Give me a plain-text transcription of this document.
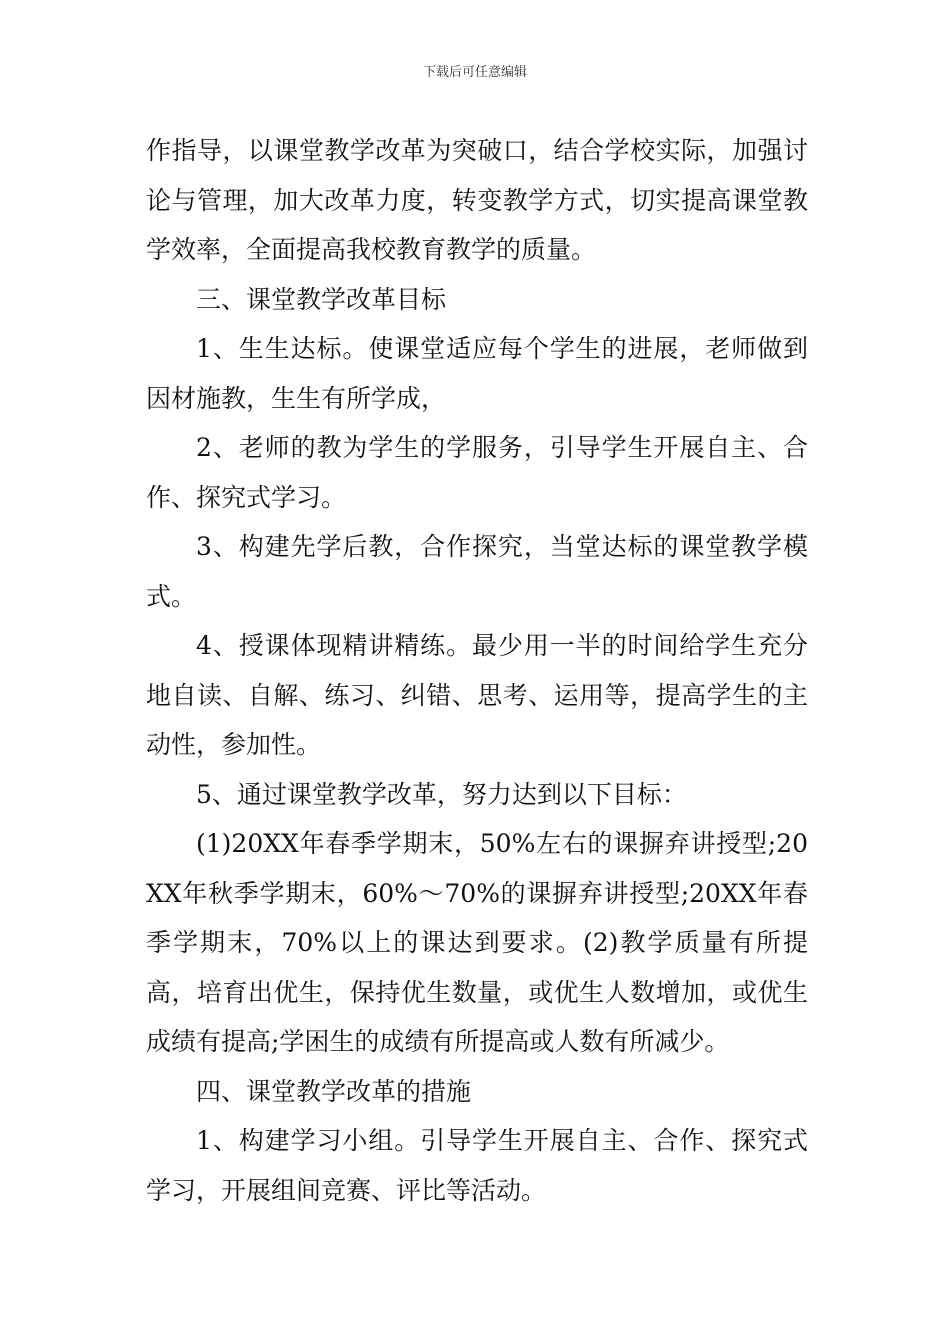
下载后可任意编辑

作指导，以课堂教学改革为突破口，结合学校实际，加强讨论与管理，加大改革力度，转变教学方式，切实提高课堂教学效率，全面提高我校教育教学的质量。

三、课堂教学改革目标

1、生生达标。使课堂适应每个学生的进展，老师做到因材施教，生生有所学成，

2、老师的教为学生的学服务，引导学生开展自主、合作、探究式学习。

3、构建先学后教，合作探究，当堂达标的课堂教学模式。

4、授课体现精讲精练。最少用一半的时间给学生充分地自读、自解、练习、纠错、思考、运用等，提高学生的主动性，参加性。

5、通过课堂教学改革，努力达到以下目标：

(1)20XX年春季学期末，50%左右的课摒弃讲授型;20XX年秋季学期末，60%～70%的课摒弃讲授型;20XX年春季学期末，70%以上的课达到要求。(2)教学质量有所提高，培育出优生，保持优生数量，或优生人数增加，或优生成绩有提高;学困生的成绩有所提高或人数有所减少。

四、课堂教学改革的措施

1、构建学习小组。引导学生开展自主、合作、探究式学习，开展组间竞赛、评比等活动。
